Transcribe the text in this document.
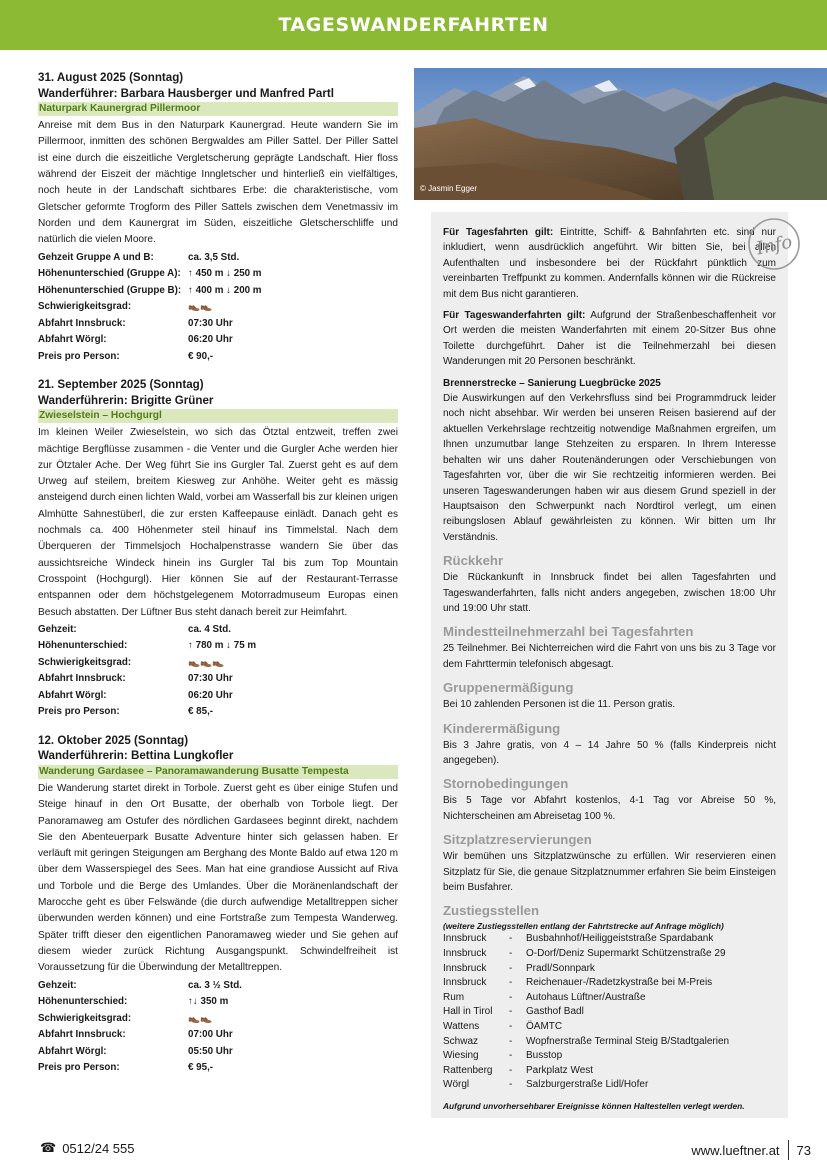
TAGESWANDERFAHRTEN
31. August 2025 (Sonntag)
Wanderführer: Barbara Hausberger und Manfred Partl
Naturpark Kaunergrad Pillermoor
Anreise mit dem Bus in den Naturpark Kaunergrad. Heute wandern Sie im Pillermoor, inmitten des schönen Bergwaldes am Piller Sattel. Der Piller Sattel ist eine durch die eiszeitliche Vergletscherung geprägte Landschaft. Hier floss während der Eiszeit der mächtige Inngletscher und hinterließ ein vielfältiges, noch heute in der Landschaft sichtbares Erbe: die charakteristische, vom Gletscher geformte Trogform des Piller Sattels zwischen dem Venetmassiv im Norden und dem Kaunergrat im Süden, eiszeitliche Gletscherschliffe und natürlich die vielen Moore.
Gehzeit Gruppe A und B:	ca. 3,5 Std.
Höhenunterschied (Gruppe A): ↑ 450 m ↓ 250 m
Höhenunterschied (Gruppe B): ↑ 400 m ↓ 200 m
Schwierigkeitsgrad:	👞👞
Abfahrt Innsbruck:	07:30 Uhr
Abfahrt Wörgl:	06:20 Uhr
Preis pro Person:	€ 90,-
21. September 2025 (Sonntag)
Wanderführerin: Brigitte Grüner
Zwieselstein – Hochgurgl
Im kleinen Weiler Zwieselstein, wo sich das Ötztal entzweit, treffen zwei mächtige Bergflüsse zusammen - die Venter und die Gurgler Ache werden hier zur Ötztaler Ache. Der Weg führt Sie ins Gurgler Tal. Zuerst geht es auf dem Urweg auf steilem, breitem Kiesweg zur Anhöhe. Weiter geht es mässig ansteigend durch einen lichten Wald, vorbei am Wasserfall bis zur kleinen urigen Almhütte Sahnestüberl, die zur ersten Kaffeepause einlädt. Danach geht es nochmals ca. 400 Höhenmeter steil hinauf ins Timmelstal. Nach dem Überqueren der Timmelsjoch Hochalpenstrasse wandern Sie über das aussichtsreiche Windeck hinein ins Gurgler Tal bis zum Top Mountain Crosspoint (Hochgurgl). Hier können Sie auf der Restaurant-Terrasse entspannen oder dem höchstgelegenem Motorradmuseum Europas einen Besuch abstatten. Der Lüftner Bus steht danach bereit zur Heimfahrt.
Gehzeit:	ca. 4 Std.
Höhenunterschied:	↑ 780 m ↓ 75 m
Schwierigkeitsgrad:	👞👞👞
Abfahrt Innsbruck:	07:30 Uhr
Abfahrt Wörgl:	06:20 Uhr
Preis pro Person:	€ 85,-
12. Oktober 2025 (Sonntag)
Wanderführerin: Bettina Lungkofler
Wanderung Gardasee – Panoramawanderung Busatte Tempesta
Die Wanderung startet direkt in Torbole. Zuerst geht es über einige Stufen und Steige hinauf in den Ort Busatte, der oberhalb von Torbole liegt. Der Panoramaweg am Ostufer des nördlichen Gardasees beginnt direkt, nachdem Sie den Abenteuerpark Busatte Adventure hinter sich gelassen haben. Er verläuft mit geringen Steigungen am Berghang des Monte Baldo auf etwa 120 m über dem Wasserspiegel des Sees. Man hat eine grandiose Aussicht auf Riva und Torbole und die Berge des Umlandes. Über die Moränenlandschaft der Marocche geht es über Felswände (die durch aufwendige Metalltreppen sicher überwunden werden können) und eine Fortstraße zum Tempesta Wanderweg. Später trifft dieser den eigentlichen Panoramaweg wieder und Sie gehen auf diesem wieder zurück Richtung Ausgangspunkt. Schwindelfreiheit ist Voraussetzung für die Überwindung der Metalltreppen.
Gehzeit:	ca. 3 ½ Std.
Höhenunterschied:	↑↓ 350 m
Schwierigkeitsgrad:	👞👞
Abfahrt Innsbruck:	07:00 Uhr
Abfahrt Wörgl:	05:50 Uhr
Preis pro Person:	€ 95,-
© Jasmin Egger
Info
Für Tagesfahrten gilt: Eintritte, Schiff- & Bahnfahrten etc. sind nur inkludiert, wenn ausdrücklich angeführt. Wir bitten Sie, bei allen Aufenthalten und insbesondere bei der Rückfahrt pünktlich zum vereinbarten Treffpunkt zu kommen. Andernfalls können wir die Rückreise mit dem Bus nicht garantieren.
Für Tageswanderfahrten gilt: Aufgrund der Straßenbeschaffenheit vor Ort werden die meisten Wanderfahrten mit einem 20-Sitzer Bus ohne Toilette durchgeführt. Daher ist die Teilnehmerzahl bei diesen Wanderungen mit 20 Personen beschränkt.
Brennerstrecke – Sanierung Luegbrücke 2025
Die Auswirkungen auf den Verkehrsfluss sind bei Programmdruck leider noch nicht absehbar. Wir werden bei unseren Reisen basierend auf der aktuellen Verkehrslage rechtzeitig notwendige Maßnahmen ergreifen, um Ihnen unzumutbar lange Stehzeiten zu ersparen. In Ihrem Interesse behalten wir uns daher Routenänderungen oder Verschiebungen von Tagesfahrten vor, über die wir Sie rechtzeitig informieren werden. Bei unseren Tageswanderungen haben wir aus diesem Grund speziell in der Hauptsaison den Schwerpunkt nach Nordtirol verlegt, um einen reibungslosen Ablauf gewährleisten zu können. Wir bitten um Ihr Verständnis.
Rückkehr
Die Rückankunft in Innsbruck findet bei allen Tagesfahrten und Tageswanderfahrten, falls nicht anders angegeben, zwischen 18:00 Uhr und 19:00 Uhr statt.
Mindestteilnehmerzahl bei Tagesfahrten
25 Teilnehmer. Bei Nichterreichen wird die Fahrt von uns bis zu 3 Tage vor dem Fahrttermin telefonisch abgesagt.
Gruppenermäßigung
Bei 10 zahlenden Personen ist die 11. Person gratis.
Kinderermäßigung
Bis 3 Jahre gratis, von 4 – 14 Jahre 50 % (falls Kinderpreis nicht angegeben).
Stornobedingungen
Bis 5 Tage vor Abfahrt kostenlos, 4-1 Tag vor Abreise 50 %, Nichterscheinen am Abreisetag 100 %.
Sitzplatzreservierungen
Wir bemühen uns Sitzplatzwünsche zu erfüllen. Wir reservieren einen Sitzplatz für Sie, die genaue Sitzplatznummer erfahren Sie beim Einsteigen beim Busfahrer.
Zustiegsstellen
(weitere Zustiegsstellen entlang der Fahrtstrecke auf Anfrage möglich)
Innsbruck	-	Busbahnhof/Heiliggeiststraße Spardabank
Innsbruck	-	O-Dorf/Deniz Supermarkt Schützenstraße 29
Innsbruck	-	Pradl/Sonnpark
Innsbruck	-	Reichenauer-/Radetzkystraße bei M-Preis
Rum	-	Autohaus Lüftner/Austraße
Hall in Tirol	-	Gasthof Badl
Wattens	-	ÖAMTC
Schwaz	-	Wopfnerstraße Terminal Steig B/Stadtgalerien
Wiesing	-	Busstop
Rattenberg	-	Parkplatz West
Wörgl	-	Salzburgerstraße Lidl/Hofer
Aufgrund unvorhersehbarer Ereignisse können Haltestellen verlegt werden.
☎ 0512/24 555	www.lueftner.at 73
